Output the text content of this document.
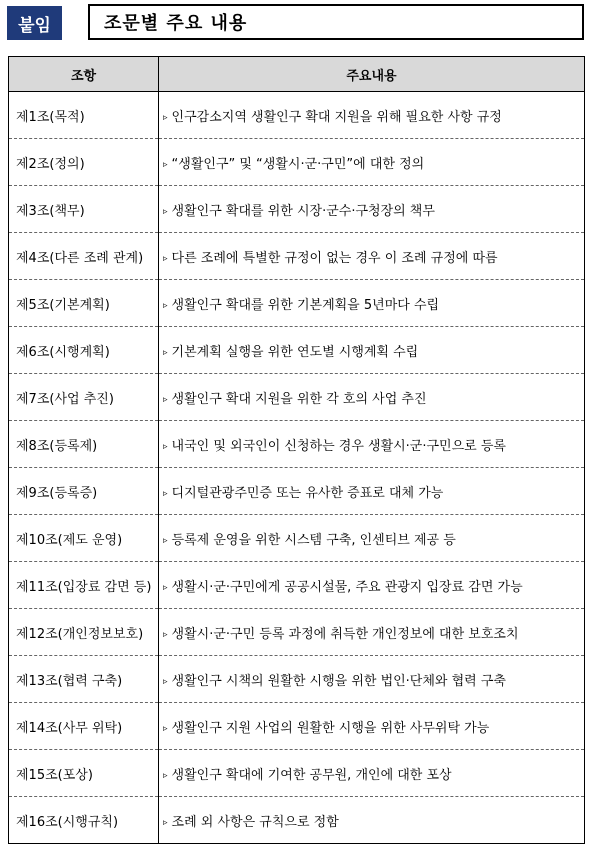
붙임	조문별 주요 내용
조항	주요내용
제1조(목적)	▹ 인구감소지역 생활인구 확대 지원을 위해 필요한 사항 규정
제2조(정의)	▹ “생활인구” 및 “생활시·군·구민”에 대한 정의
제3조(책무)	▹ 생활인구 확대를 위한 시장·군수·구청장의 책무
제4조(다른 조례 관계)	▹ 다른 조례에 특별한 규정이 없는 경우 이 조례 규정에 따름
제5조(기본계획)	▹ 생활인구 확대를 위한 기본계획을 5년마다 수립
제6조(시행계획)	▹ 기본계획 실행을 위한 연도별 시행계획 수립
제7조(사업 추진)	▹ 생활인구 확대 지원을 위한 각 호의 사업 추진
제8조(등록제)	▹ 내국인 및 외국인이 신청하는 경우 생활시·군·구민으로 등록
제9조(등록증)	▹ 디지털관광주민증 또는 유사한 증표로 대체 가능
제10조(제도 운영)	▹ 등록제 운영을 위한 시스템 구축, 인센티브 제공 등
제11조(입장료 감면 등)	▹ 생활시·군·구민에게 공공시설물, 주요 관광지 입장료 감면 가능
제12조(개인정보보호)	▹ 생활시·군·구민 등록 과정에 취득한 개인정보에 대한 보호조치
제13조(협력 구축)	▹ 생활인구 시책의 원활한 시행을 위한 법인·단체와 협력 구축
제14조(사무 위탁)	▹ 생활인구 지원 사업의 원활한 시행을 위한 사무위탁 가능
제15조(포상)	▹ 생활인구 확대에 기여한 공무원, 개인에 대한 포상
제16조(시행규칙)	▹ 조례 외 사항은 규칙으로 정함
